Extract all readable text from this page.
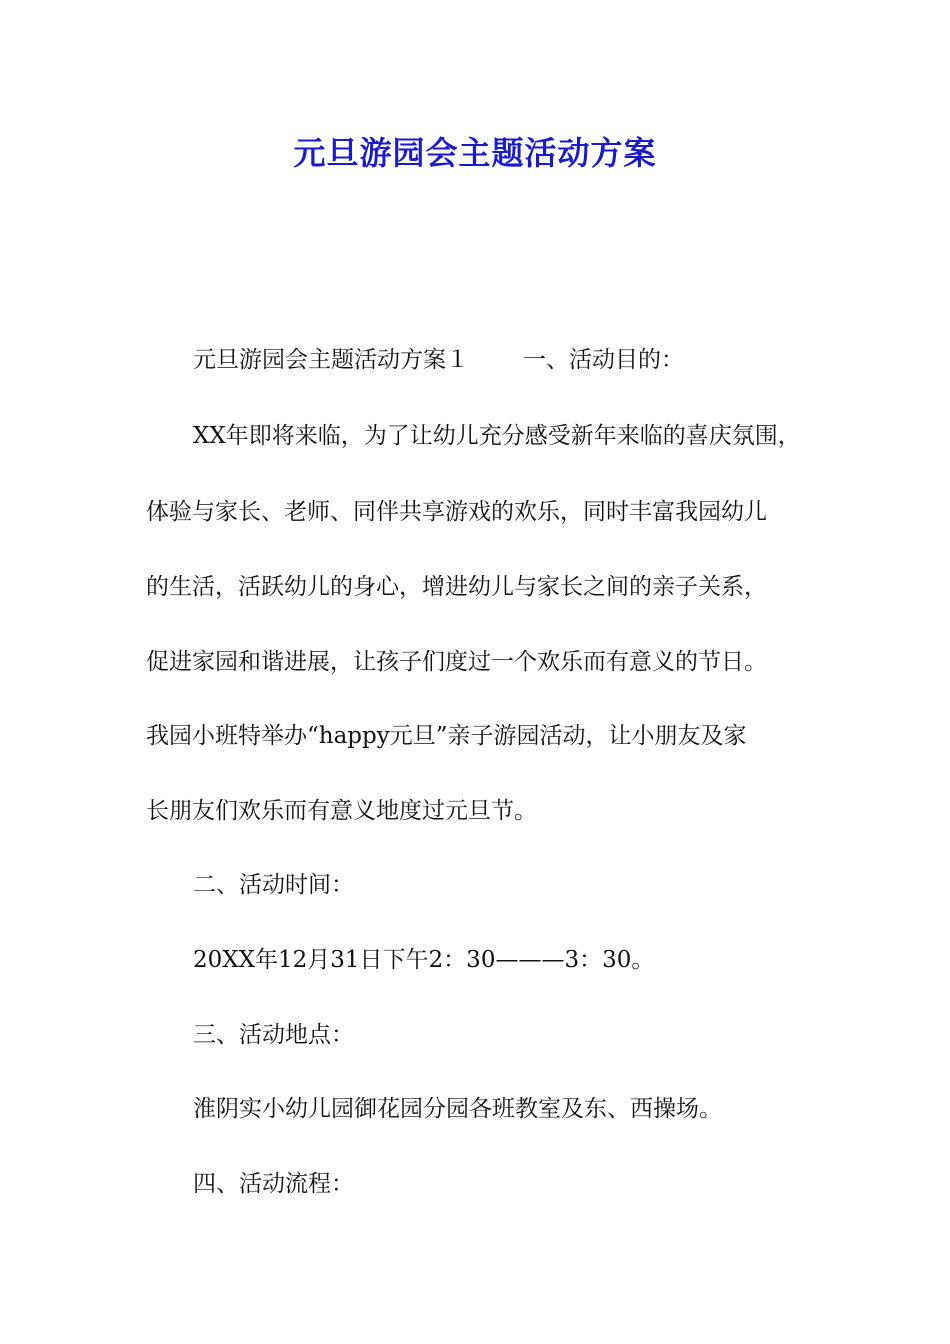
元旦游园会主题活动方案
元旦游园会主题活动方案１ 一、活动目的：
XX年即将来临，为了让幼儿充分感受新年来临的喜庆氛围，
体验与家长、老师、同伴共享游戏的欢乐，同时丰富我园幼儿
的生活，活跃幼儿的身心，增进幼儿与家长之间的亲子关系，
促进家园和谐进展，让孩子们度过一个欢乐而有意义的节日。
我园小班特举办“happy元旦”亲子游园活动，让小朋友及家
长朋友们欢乐而有意义地度过元旦节。
二、活动时间：
20XX年12月31日下午2：30———3：30。
三、活动地点：
淮阴实小幼儿园御花园分园各班教室及东、西操场。
四、活动流程：
